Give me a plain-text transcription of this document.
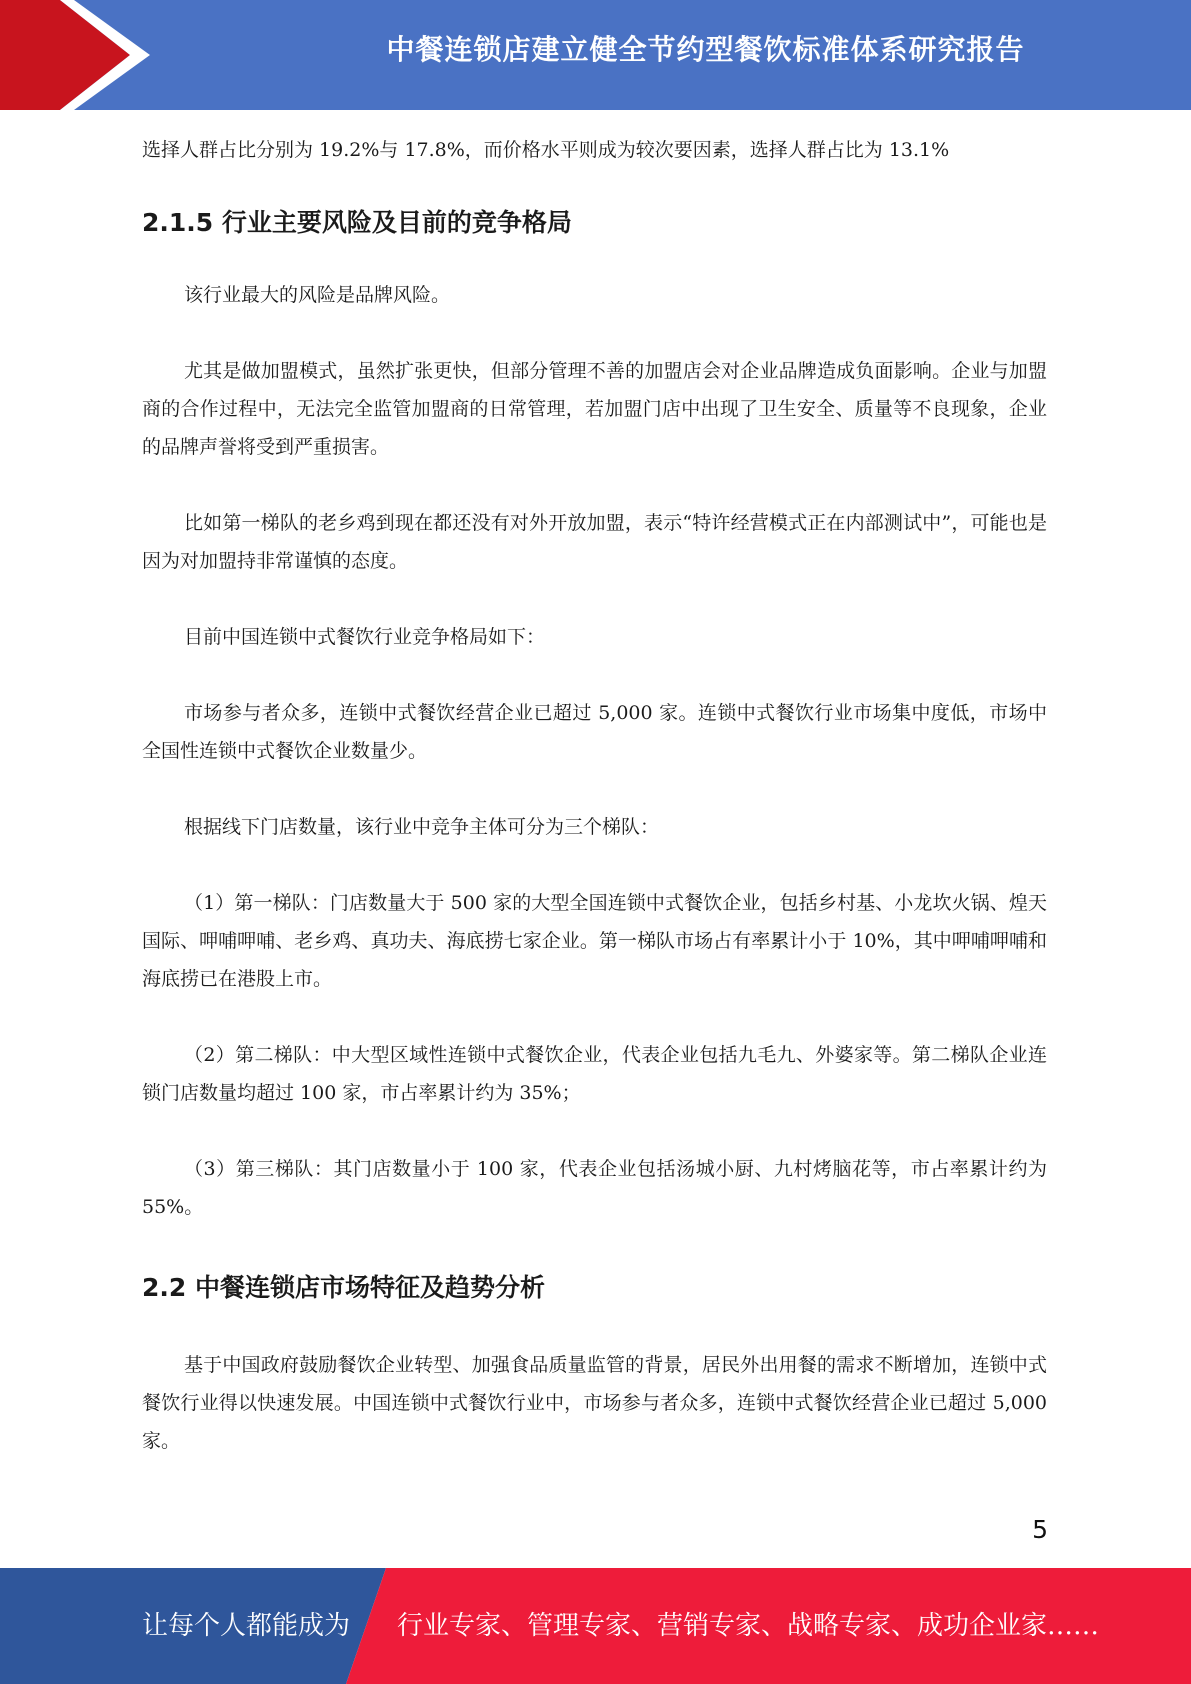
中餐连锁店建立健全节约型餐饮标准体系研究报告

选择人群占比分别为 19.2%与 17.8%，而价格水平则成为较次要因素，选择人群占比为 13.1%

2.1.5 行业主要风险及目前的竞争格局

该行业最大的风险是品牌风险。

尤其是做加盟模式，虽然扩张更快，但部分管理不善的加盟店会对企业品牌造成负面影响。企业与加盟商的合作过程中，无法完全监管加盟商的日常管理，若加盟门店中出现了卫生安全、质量等不良现象，企业的品牌声誉将受到严重损害。

比如第一梯队的老乡鸡到现在都还没有对外开放加盟，表示“特许经营模式正在内部测试中”，可能也是因为对加盟持非常谨慎的态度。

目前中国连锁中式餐饮行业竞争格局如下：

市场参与者众多，连锁中式餐饮经营企业已超过 5,000 家。连锁中式餐饮行业市场集中度低，市场中全国性连锁中式餐饮企业数量少。

根据线下门店数量，该行业中竞争主体可分为三个梯队：

（1）第一梯队：门店数量大于 500 家的大型全国连锁中式餐饮企业，包括乡村基、小龙坎火锅、煌天国际、呷哺呷哺、老乡鸡、真功夫、海底捞七家企业。第一梯队市场占有率累计小于 10%，其中呷哺呷哺和海底捞已在港股上市。

（2）第二梯队：中大型区域性连锁中式餐饮企业，代表企业包括九毛九、外婆家等。第二梯队企业连锁门店数量均超过 100 家，市占率累计约为 35%；

（3）第三梯队：其门店数量小于 100 家，代表企业包括汤城小厨、九村烤脑花等，市占率累计约为 55%。

2.2 中餐连锁店市场特征及趋势分析

基于中国政府鼓励餐饮企业转型、加强食品质量监管的背景，居民外出用餐的需求不断增加，连锁中式餐饮行业得以快速发展。中国连锁中式餐饮行业中，市场参与者众多，连锁中式餐饮经营企业已超过 5,000 家。

5
让每个人都能成为 行业专家、管理专家、营销专家、战略专家、成功企业家……
